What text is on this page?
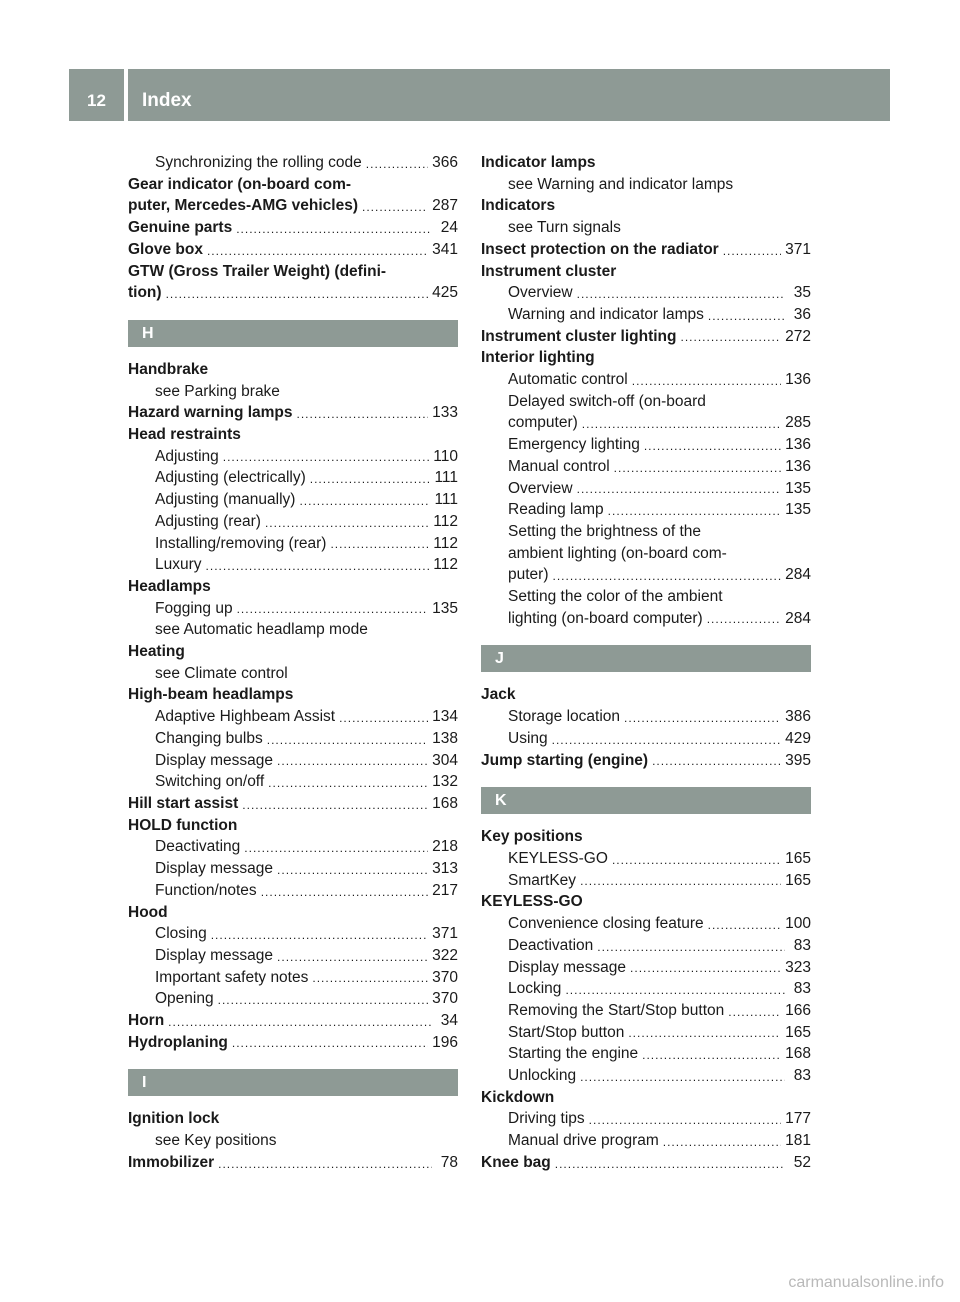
12	Index
Synchronizing the rolling code .....	366
Gear indicator (on-board com-
puter, Mercedes-AMG vehicles) .....	287
Genuine parts .....	24
Glove box .....	341
GTW (Gross Trailer Weight) (defini-
tion) .....	425
H
Handbrake
see Parking brake
Hazard warning lamps .....	133
Head restraints
Adjusting .....	110
Adjusting (electrically) .....	111
Adjusting (manually) .....	111
Adjusting (rear) .....	112
Installing/removing (rear) .....	112
Luxury .....	112
Headlamps
Fogging up .....	135
see Automatic headlamp mode
Heating
see Climate control
High-beam headlamps
Adaptive Highbeam Assist .....	134
Changing bulbs .....	138
Display message .....	304
Switching on/off .....	132
Hill start assist .....	168
HOLD function
Deactivating .....	218
Display message .....	313
Function/notes .....	217
Hood
Closing .....	371
Display message .....	322
Important safety notes .....	370
Opening .....	370
Horn .....	34
Hydroplaning .....	196
I
Ignition lock
see Key positions
Immobilizer .....	78
Indicator lamps
see Warning and indicator lamps
Indicators
see Turn signals
Insect protection on the radiator .....	371
Instrument cluster
Overview .....	35
Warning and indicator lamps .....	36
Instrument cluster lighting .....	272
Interior lighting
Automatic control .....	136
Delayed switch-off (on-board
computer) .....	285
Emergency lighting .....	136
Manual control .....	136
Overview .....	135
Reading lamp .....	135
Setting the brightness of the
ambient lighting (on-board com-
puter) .....	284
Setting the color of the ambient
lighting (on-board computer) .....	284
J
Jack
Storage location .....	386
Using .....	429
Jump starting (engine) .....	395
K
Key positions
KEYLESS-GO .....	165
SmartKey .....	165
KEYLESS-GO
Convenience closing feature .....	100
Deactivation .....	83
Display message .....	323
Locking .....	83
Removing the Start/Stop button .....	166
Start/Stop button .....	165
Starting the engine .....	168
Unlocking .....	83
Kickdown
Driving tips .....	177
Manual drive program .....	181
Knee bag .....	52
carmanualsonline.info
